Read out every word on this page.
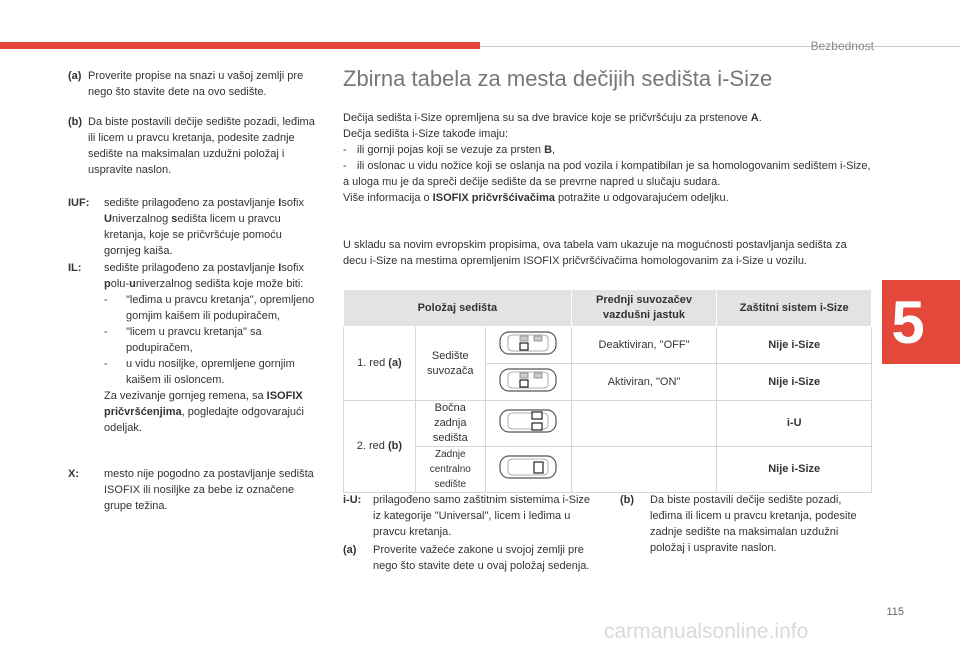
Bezbednost
5
(a) Proverite propise na snazi u vašoj zemlji pre nego što stavite dete na ovo sedište.
(b) Da biste postavili dečije sedište pozadi, leđima ili licem u pravcu kretanja, podesite zadnje sedište na maksimalan uzdužni položaj i uspravite naslon.
IUF:	sedište prilagođeno za postavljanje Isofix Univerzalnog sedišta licem u pravcu kretanja, koje se pričvršćuje pomoću gornjeg kaiša.
IL:	sedište prilagođeno za postavljanje Isofix polu-univerzalnog sedišta koje može biti:
-	"leđima u pravcu kretanja", opremljeno gornjim kaišem ili podupiračem,
-	"licem u pravcu kretanja" sa podupiračem,
-	u vidu nosiljke, opremljene gornjim kaišem ili osloncem.
Za vezivanje gornjeg remena, sa ISOFIX pričvršćenjima, pogledajte odgovarajući odeljak.
X:	mesto nije pogodno za postavljanje sedišta ISOFIX ili nosiljke za bebe iz označene grupe težina.
Zbirna tabela za mesta dečijih sedišta i-Size
Dečija sedišta i-Size opremljena su sa dve bravice koje se pričvršćuju za prstenove A.
Dečja sedišta i-Size takođe imaju:
- ili gornji pojas koji se vezuje za prsten B,
- ili oslonac u vidu nožice koji se oslanja na pod vozila i kompatibilan je sa homologovanim sedištem i-Size,
a uloga mu je da spreči dečije sedište da se prevrne napred u slučaju sudara.
Više informacija o ISOFIX pričvršćivačima potražite u odgovarajućem odeljku.
U skladu sa novim evropskim propisima, ova tabela vam ukazuje na mogućnosti postavljanja sedišta za decu i-Size na mestima opremljenim ISOFIX pričvršćivačima homologovanim za i-Size u vozilu.
Položaj sedišta			Prednji suvozačev vazdušni jastuk	Zaštitni sistem i-Size
1. red (a)	Sedište suvozača		Deaktiviran, "OFF"	Nije i-Size
	Aktiviran, "ON"	Nije i-Size
2. red (b)	Bočna zadnja sedišta			i-U
	Zadnje centralno sedište			Nije i-Size
i-U:	prilagođeno samo zaštitnim sistemima i-Size iz kategorije "Universal", licem i leđima u pravcu kretanja.
(a)	Proverite važeće zakone u svojoj zemlji pre nego što stavite dete u ovaj položaj sedenja.
(b)	Da biste postavili dečije sedište pozadi, leđima ili licem u pravcu kretanja, podesite zadnje sedište na maksimalan uzdužni položaj i uspravite naslon.
115
carmanualsonline.info
